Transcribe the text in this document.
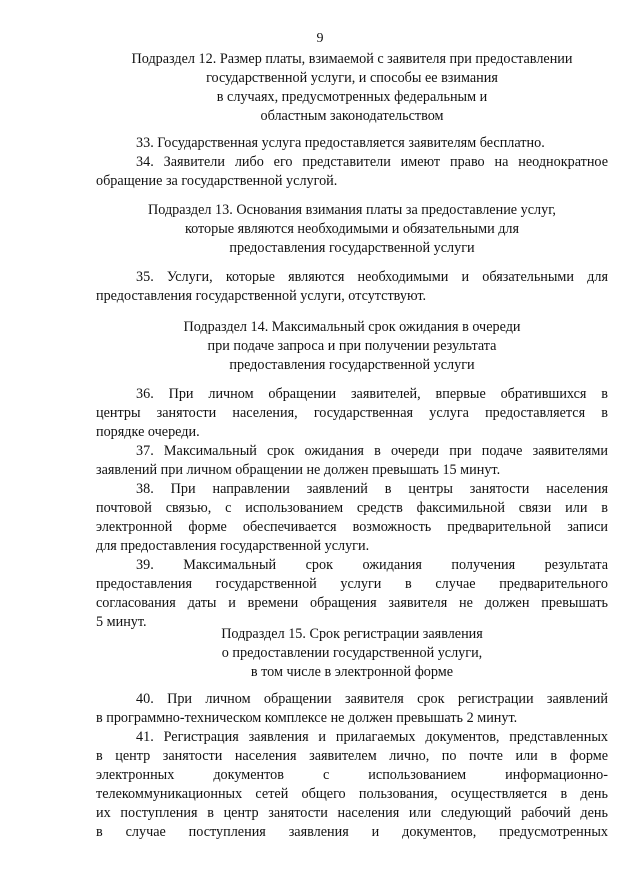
9
Подраздел 12. Размер платы, взимаемой с заявителя при предоставлении
государственной услуги, и способы ее взимания
в случаях, предусмотренных федеральным и
областным законодательством
33. Государственная услуга предоставляется заявителям бесплатно.
34. Заявители либо его представители имеют право на неоднократное
обращение за государственной услугой.
Подраздел 13. Основания взимания платы за предоставление услуг,
которые являются необходимыми и обязательными для
предоставления государственной услуги
35. Услуги, которые являются необходимыми и обязательными для
предоставления государственной услуги, отсутствуют.
Подраздел 14. Максимальный срок ожидания в очереди
при подаче запроса и при получении результата
предоставления государственной услуги
36. При личном обращении заявителей, впервые обратившихся в
центры занятости населения, государственная услуга предоставляется в
порядке очереди.
37. Максимальный срок ожидания в очереди при подаче заявителями
заявлений при личном обращении не должен превышать 15 минут.
38. При направлении заявлений в центры занятости населения
почтовой связью, с использованием средств факсимильной связи или в
электронной форме обеспечивается возможность предварительной записи
для предоставления государственной услуги.
39. Максимальный срок ожидания получения результата
предоставления государственной услуги в случае предварительного
согласования даты и времени обращения заявителя не должен превышать
5 минут.
Подраздел 15. Срок регистрации заявления
о предоставлении государственной услуги,
в том числе в электронной форме
40. При личном обращении заявителя срок регистрации заявлений
в программно-техническом комплексе не должен превышать 2 минут.
41. Регистрация заявления и прилагаемых документов, представленных
в центр занятости населения заявителем лично, по почте или в форме
электронных документов с использованием информационно-
телекоммуникационных сетей общего пользования, осуществляется в день
их поступления в центр занятости населения или следующий рабочий день
в случае поступления заявления и документов, предусмотренных
